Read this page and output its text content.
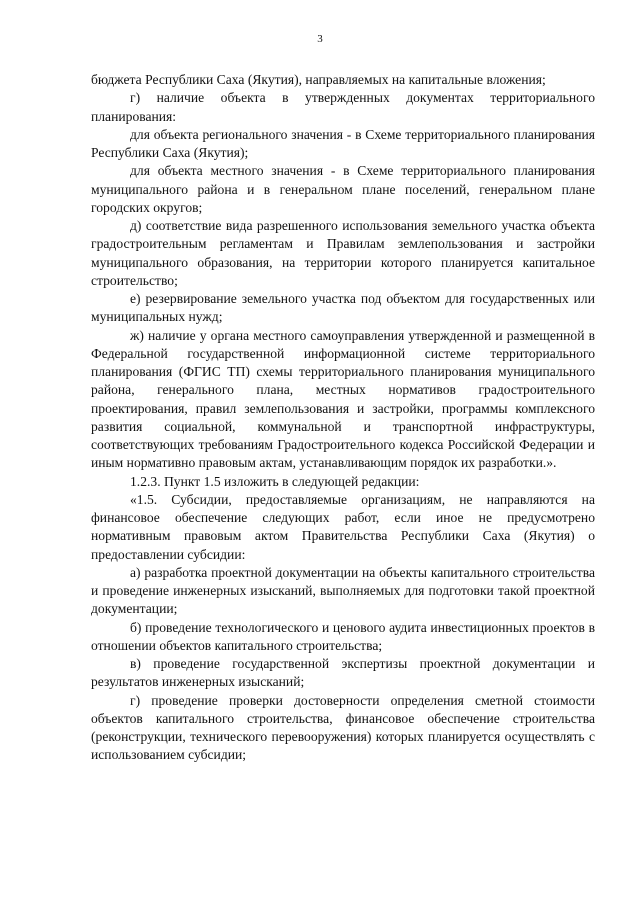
3

бюджета Республики Саха (Якутия), направляемых на капитальные вложения;

г) наличие объекта в утвержденных документах территориального планирования:

для объекта регионального значения - в Схеме территориального планирования Республики Саха (Якутия);

для объекта местного значения - в Схеме территориального планирования муниципального района и в генеральном плане поселений, генеральном плане городских округов;

д) соответствие вида разрешенного использования земельного участка объекта градостроительным регламентам и Правилам землепользования и застройки муниципального образования, на территории которого планируется капитальное строительство;

е) резервирование земельного участка под объектом для государственных или муниципальных нужд;

ж) наличие у органа местного самоуправления утвержденной и размещенной в Федеральной государственной информационной системе территориального планирования (ФГИС ТП) схемы территориального планирования муниципального района, генерального плана, местных нормативов градостроительного проектирования, правил землепользования и застройки, программы комплексного развития социальной, коммунальной и транспортной инфраструктуры, соответствующих требованиям Градостроительного кодекса Российской Федерации и иным нормативно правовым актам, устанавливающим порядок их разработки.».

1.2.3. Пункт 1.5 изложить в следующей редакции:

«1.5. Субсидии, предоставляемые организациям, не направляются на финансовое обеспечение следующих работ, если иное не предусмотрено нормативным правовым актом Правительства Республики Саха (Якутия) о предоставлении субсидии:

а) разработка проектной документации на объекты капитального строительства и проведение инженерных изысканий, выполняемых для подготовки такой проектной документации;

б) проведение технологического и ценового аудита инвестиционных проектов в отношении объектов капитального строительства;

в) проведение государственной экспертизы проектной документации и результатов инженерных изысканий;

г) проведение проверки достоверности определения сметной стоимости объектов капитального строительства, финансовое обеспечение строительства (реконструкции, технического перевооружения) которых планируется осуществлять с использованием субсидии;
